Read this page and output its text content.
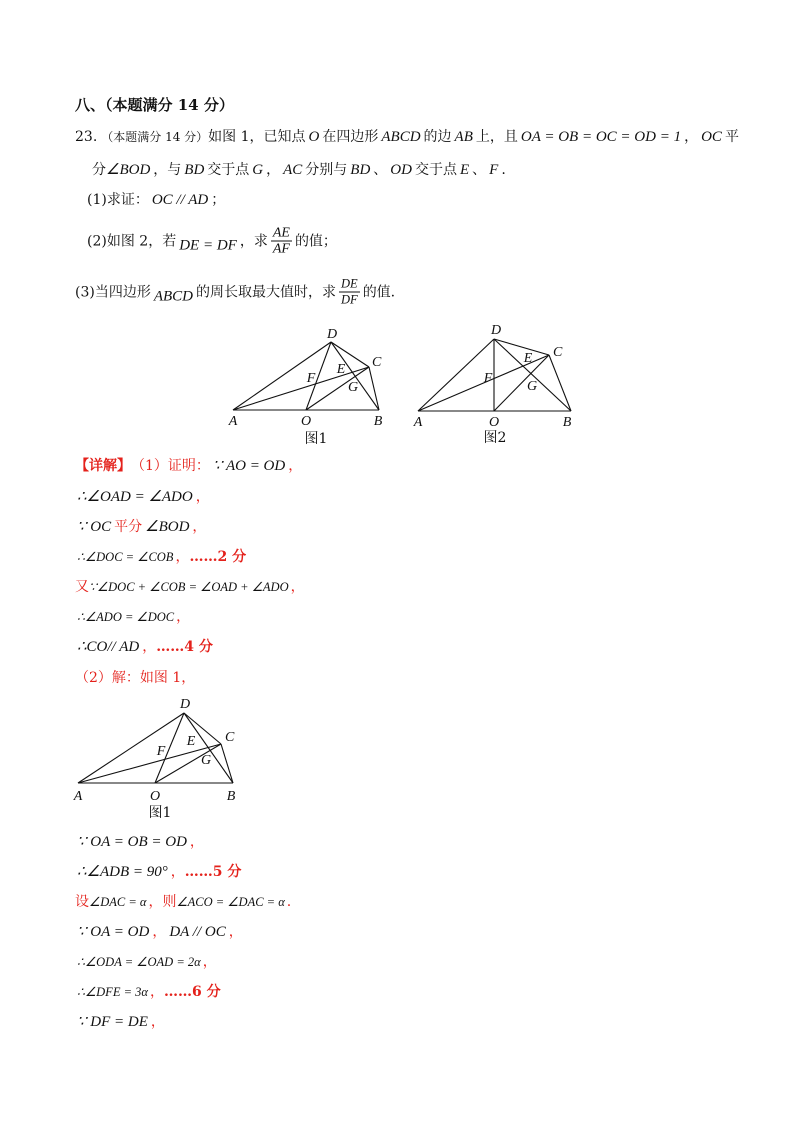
八、（本题满分 14 分）
23. （本题满分 14 分） 如图 1，已知点 O 在四边形 ABCD 的边 AB 上，且 OA = OB = OC = OD = 1 ， OC 平
分 ∠BOD ，与 BD 交于点 G ， AC 分别与 BD 、 OD 交于点 E 、 F .
(1)求证： OC // AD ；
(2)如图 2，若 DE = DF ，求 $\frac{AE}{AF}$ 的值；
(3)当四边形 ABCD 的周长取最大值时，求 $\frac{DE}{DF}$ 的值.
D
C
E
F
G
A	O	B
图1
D
C
E
F
G
A	O	B
图2
【详解】 （1）证明： ∵ AO = OD ，
∴∠OAD = ∠ADO ，
∵ OC 平分 ∠BOD ，
∴∠DOC = ∠COB ， ……2 分
又 ∵∠DOC + ∠COB = ∠OAD + ∠ADO ，
∴∠ADO = ∠DOC ，
∴CO// AD ， ……4 分
（2）解：如图 1，
D
C
E
F
G
A	O	B
图1
∵ OA = OB = OD ，
∴∠ADB = 90° ， ……5 分
设 ∠DAC = α ，则 ∠ACO = ∠DAC = α .
∵ OA = OD ， DA // OC ，
∴∠ODA = ∠OAD = 2α ，
∴∠DFE = 3α ， ……6 分
∵ DF = DE ，
